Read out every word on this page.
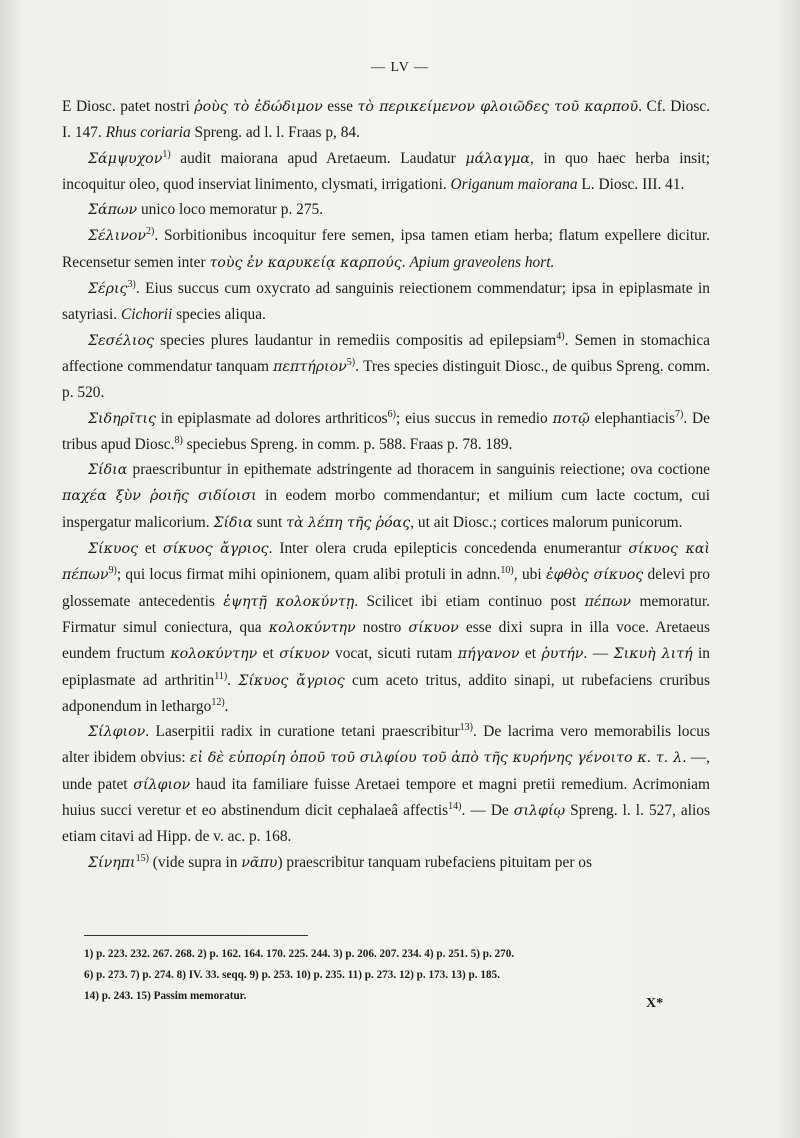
— LV —

E Diosc. patet nostri ῥοὺς τὸ ἐδώδιμον esse τὸ περικείμενον φλοιῶδες τοῦ καρποῦ. Cf. Diosc. I. 147. Rhus coriaria Spreng. ad l. l. Fraas p, 84.

Σάμψυχον$^{1)}$ audit maiorana apud Aretaeum. Laudatur μάλαγμα, in quo haec herba insit; incoquitur oleo, quod inserviat linimento, clysmati, irrigationi. Origanum maiorana L. Diosc. III. 41.

Σάπων unico loco memoratur p. 275.

Σέλινον$^{2)}$. Sorbitionibus incoquitur fere semen, ipsa tamen etiam herba; flatum expellere dicitur. Recensetur semen inter τοὺς ἐν καρυκείᾳ καρπούς. Apium graveolens hort.

Σέρις$^{3)}$. Eius succus cum oxycrato ad sanguinis reiectionem commendatur; ipsa in epiplasmate in satyriasi. Cichorii species aliqua.

Σεσέλιος species plures laudantur in remediis compositis ad epilepsiam$^{4)}$. Semen in stomachica affectione commendatur tanquam πεπτήριον$^{5)}$. Tres species distinguit Diosc., de quibus Spreng. comm. p. 520.

Σιδηρῖτις in epiplasmate ad dolores arthriticos$^{6)}$; eius succus in remedio ποτῷ elephantiacis$^{7)}$. De tribus apud Diosc.$^{8)}$ speciebus Spreng. in comm. p. 588. Fraas p. 78. 189.

Σίδια praescribuntur in epithemate adstringente ad thoracem in sanguinis reiectione; ova coctione παχέα ξὺν ῥοιῆς σιδίοισι in eodem morbo commendantur; et milium cum lacte coctum, cui inspergatur malicorium. Σίδια sunt τὰ λέπη τῆς ῥόας, ut ait Diosc.; cortices malorum punicorum.

Σίκυος et σίκυος ἄγριος. Inter olera cruda epilepticis concedenda enumerantur σίκυος καὶ πέπων$^{9)}$; qui locus firmat mihi opinionem, quam alibi protuli in adnn.$^{10)}$, ubi ἐφθὸς σίκυος delevi pro glossemate antecedentis ἑψητῇ κολοκύντῃ. Scilicet ibi etiam continuo post πέπων memoratur. Firmatur simul coniectura, qua κολοκύντην nostro σίκυον esse dixi supra in illa voce. Aretaeus eundem fructum κολοκύντην et σίκυον vocat, sicuti rutam πήγανον et ῥυτήν. — Σικυὴ λιτή in epiplasmate ad arthritin$^{11)}$. Σίκυος ἄγριος cum aceto tritus, addito sinapi, ut rubefaciens cruribus adponendum in lethargo$^{12)}$.

Σίλφιον. Laserpitii radix in curatione tetani praescribitur$^{13)}$. De lacrima vero memorabilis locus alter ibidem obvius: εἰ δὲ εὐπορίη ὀποῦ τοῦ σιλφίου τοῦ ἀπὸ τῆς κυρήνης γένοιτο κ. τ. λ. —, unde patet σίλφιον haud ita familiare fuisse Aretaei tempore et magni pretii remedium. Acrimoniam huius succi veretur et eo abstinendum dicit cephalaeâ affectis$^{14)}$. — De σιλφίῳ Spreng. l. l. 527, alios etiam citavi ad Hipp. de v. ac. p. 168.

Σίνηπι$^{15)}$ (vide supra in νᾶπυ) praescribitur tanquam rubefaciens pituitam per os

1) p. 223. 232. 267. 268. 2) p. 162. 164. 170. 225. 244. 3) p. 206. 207. 234. 4) p. 251. 5) p. 270.
6) p. 273. 7) p. 274. 8) IV. 33. seqq. 9) p. 253. 10) p. 235. 11) p. 273. 12) p. 173. 13) p. 185.
14) p. 243. 15) Passim memoratur.	X*
